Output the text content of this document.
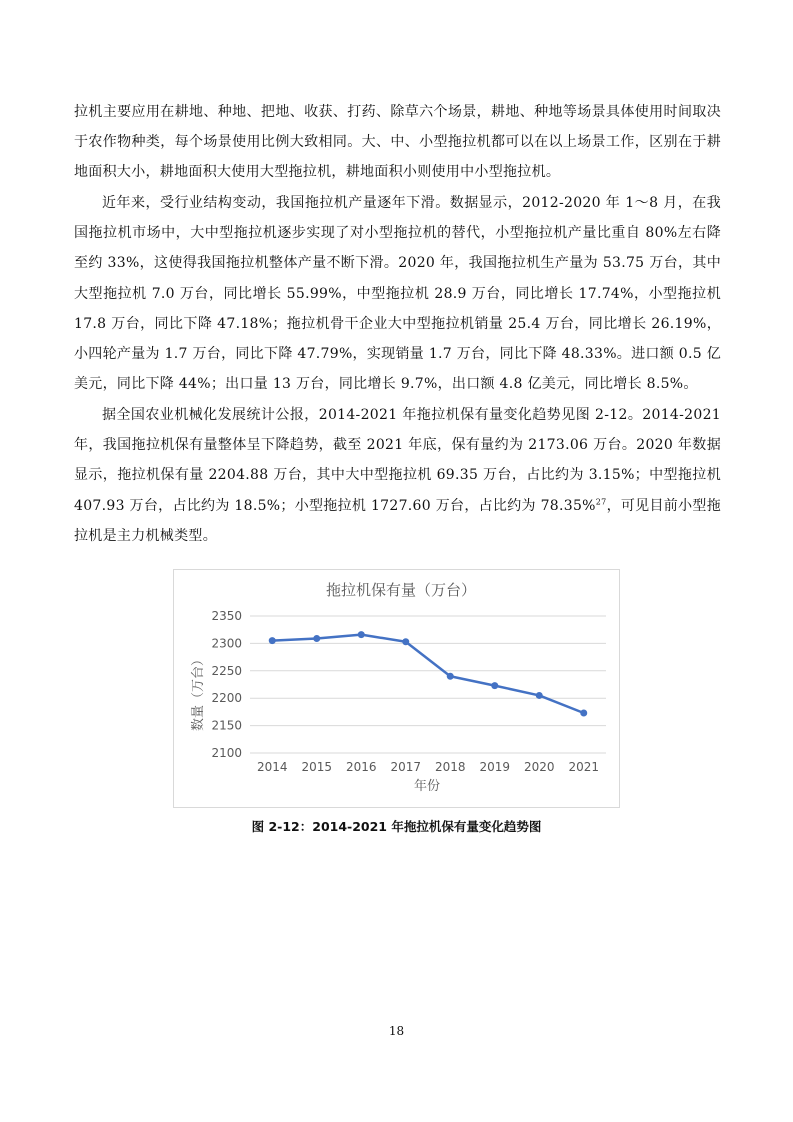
拉机主要应用在耕地、种地、把地、收获、打药、除草六个场景，耕地、种地等场景具体使用时间取决于农作物种类，每个场景使用比例大致相同。大、中、小型拖拉机都可以在以上场景工作，区别在于耕地面积大小，耕地面积大使用大型拖拉机，耕地面积小则使用中小型拖拉机。

近年来，受行业结构变动，我国拖拉机产量逐年下滑。数据显示，2012-2020 年 1～8 月，在我国拖拉机市场中，大中型拖拉机逐步实现了对小型拖拉机的替代，小型拖拉机产量比重自 80%左右降至约 33%，这使得我国拖拉机整体产量不断下滑。2020 年，我国拖拉机生产量为 53.75 万台，其中大型拖拉机 7.0 万台，同比增长 55.99%，中型拖拉机 28.9 万台，同比增长 17.74%，小型拖拉机 17.8 万台，同比下降 47.18%；拖拉机骨干企业大中型拖拉机销量 25.4 万台，同比增长 26.19%，小四轮产量为 1.7 万台，同比下降 47.79%，实现销量 1.7 万台，同比下降 48.33%。进口额 0.5 亿美元，同比下降 44%；出口量 13 万台，同比增长 9.7%，出口额 4.8 亿美元，同比增长 8.5%。

据全国农业机械化发展统计公报，2014-2021 年拖拉机保有量变化趋势见图 2-12。2014-2021 年，我国拖拉机保有量整体呈下降趋势，截至 2021 年底，保有量约为 2173.06 万台。2020 年数据显示，拖拉机保有量 2204.88 万台，其中大中型拖拉机 69.35 万台，占比约为 3.15%；中型拖拉机 407.93 万台，占比约为 18.5%；小型拖拉机 1727.60 万台，占比约为 78.35%$^{27}$，可见目前小型拖拉机是主力机械类型。

拖拉机保有量（万台）
2100
2150
2200
2250
2300
2350
2014 2015 2016 2017 2018 2019 2020 2021
年份
数量（万台）
图 2-12：2014-2021 年拖拉机保有量变化趋势图
18
